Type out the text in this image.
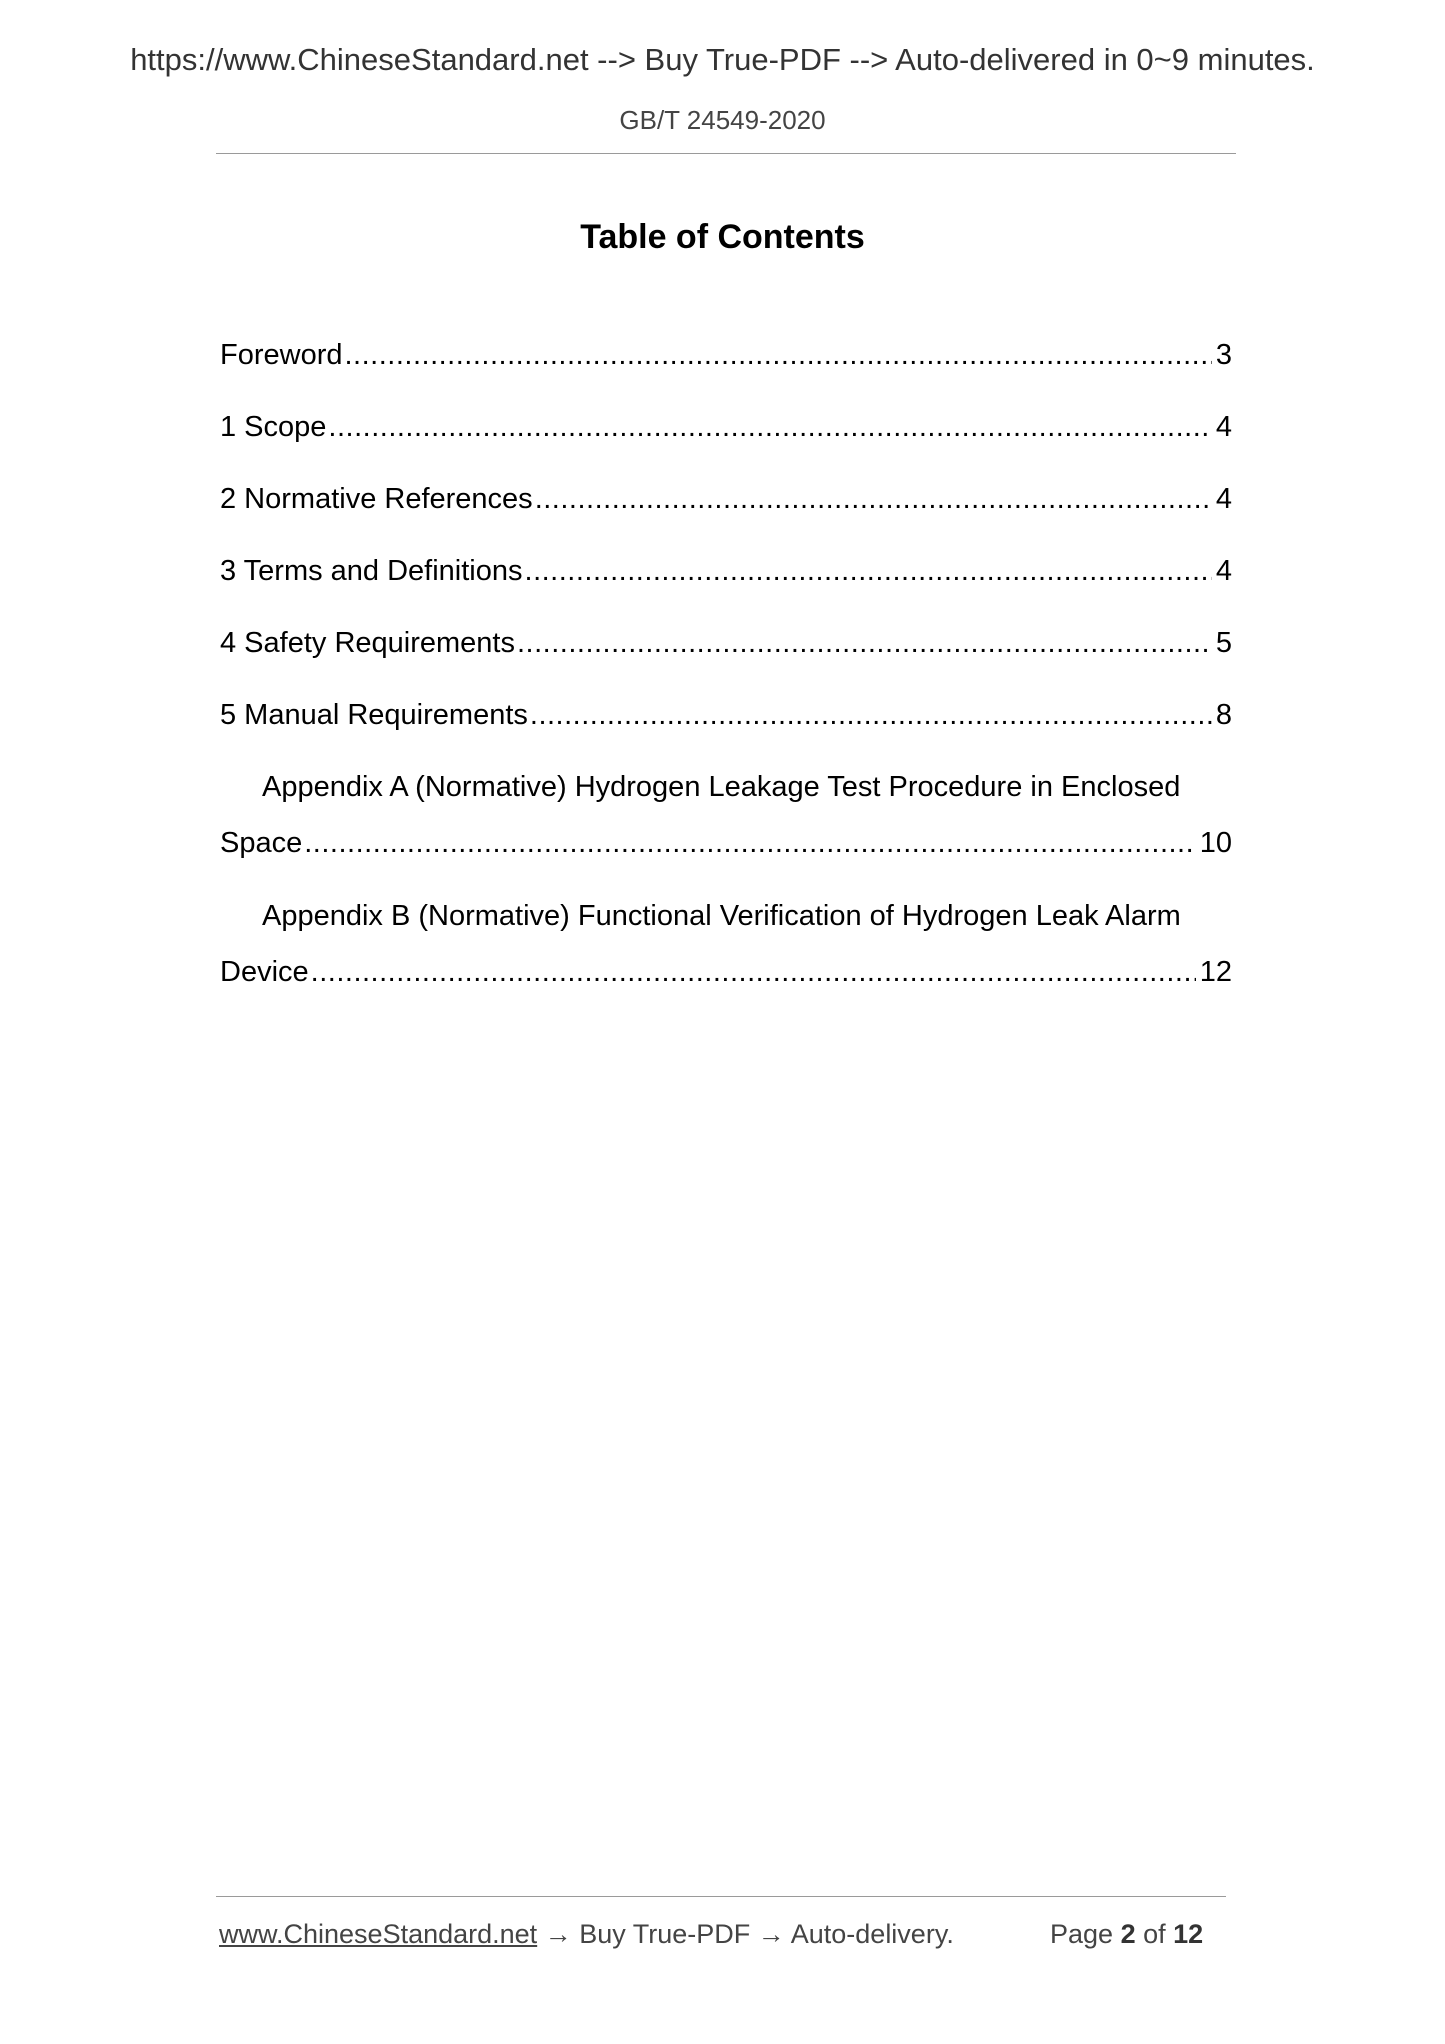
https://www.ChineseStandard.net --> Buy True-PDF --> Auto-delivered in 0~9 minutes.
GB/T 24549-2020
Table of Contents
Foreword .....	3
1 Scope .....	4
2 Normative References .....	4
3 Terms and Definitions .....	4
4 Safety Requirements .....	5
5 Manual Requirements .....	8
Appendix A (Normative) Hydrogen Leakage Test Procedure in Enclosed
Space .....	10
Appendix B (Normative) Functional Verification of Hydrogen Leak Alarm
Device .....	12
www.ChineseStandard.net → Buy True-PDF → Auto-delivery.	Page 2 of 12
